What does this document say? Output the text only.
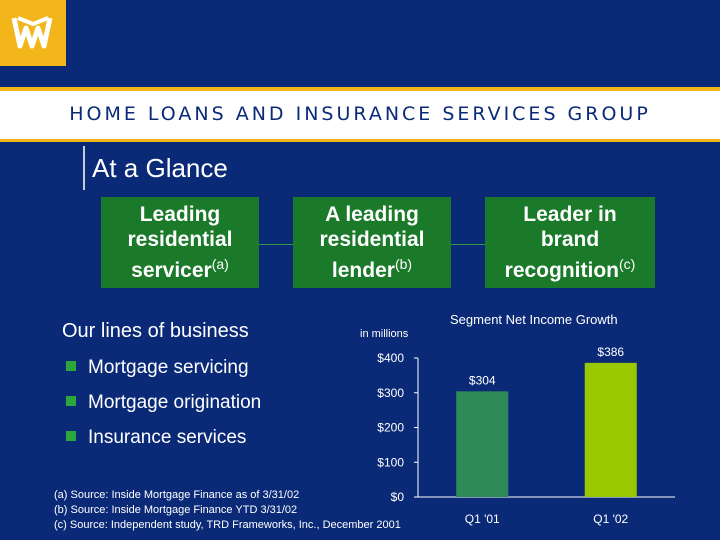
HOME LOANS AND INSURANCE SERVICES GROUP
At a Glance
Leading
residential
servicer$^{(a)}$
A leading
residential
lender$^{(b)}$
Leader in
brand
recognition$^{(c)}$
Our lines of business
Mortgage servicing
Mortgage origination
Insurance services
(a) Source: Inside Mortgage Finance as of 3/31/02
(b) Source: Inside Mortgage Finance YTD 3/31/02
(c) Source: Independent study, TRD Frameworks, Inc., December 2001
Segment Net Income Growth
in millions
$0
$100
$200
$300
$400
$304
Q1 '01
$386
Q1 '02
